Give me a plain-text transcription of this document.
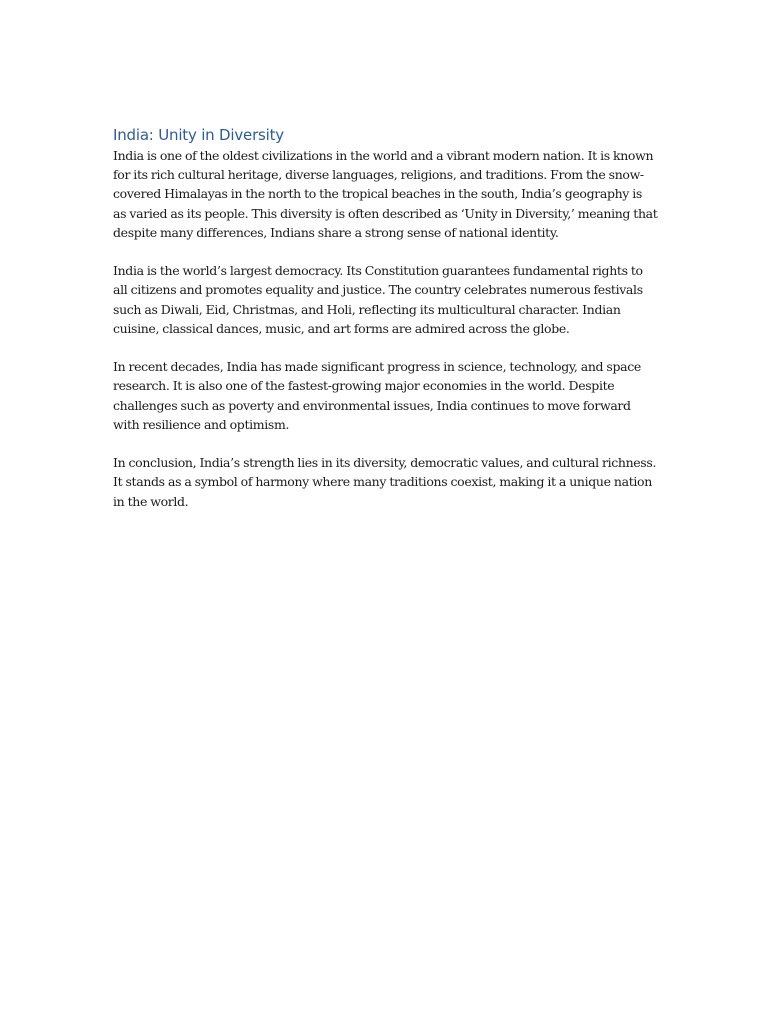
India: Unity in Diversity

India is one of the oldest civilizations in the world and a vibrant modern nation. It is known for its rich cultural heritage, diverse languages, religions, and traditions. From the snow-covered Himalayas in the north to the tropical beaches in the south, India’s geography is as varied as its people. This diversity is often described as ‘Unity in Diversity,’ meaning that despite many differences, Indians share a strong sense of national identity.

India is the world’s largest democracy. Its Constitution guarantees fundamental rights to all citizens and promotes equality and justice. The country celebrates numerous festivals such as Diwali, Eid, Christmas, and Holi, reflecting its multicultural character. Indian cuisine, classical dances, music, and art forms are admired across the globe.

In recent decades, India has made significant progress in science, technology, and space research. It is also one of the fastest-growing major economies in the world. Despite challenges such as poverty and environmental issues, India continues to move forward with resilience and optimism.

In conclusion, India’s strength lies in its diversity, democratic values, and cultural richness. It stands as a symbol of harmony where many traditions coexist, making it a unique nation in the world.
